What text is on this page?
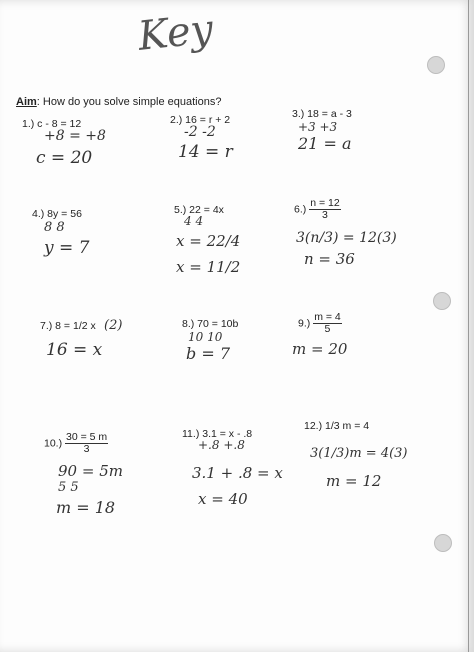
Key
Aim: How do you solve simple equations?
1.) c - 8 = 12
+8 = +8
c = 20
2.) 16 = r + 2
-2 -2
14 = r
3.) 18 = a - 3
+3 +3
21 = a
4.) 8y = 56
8 8
y = 7
5.) 22 = 4x
4 4
x = 22/4
x = 11/2
$6.) \frac{n = 12}{3}$
3(n/3) = 12(3)
n = 36
7.) 8 = 1/2 x (2)
16 = x
8.) 70 = 10b
10 10
b = 7
$9.) \frac{m = 4}{5}$
m = 20
$10.) \frac{30 = 5 m}{3}$
90 = 5m
5 5
m = 18
11.) 3.1 = x - .8
+.8 +.8
3.1 + .8 = x
x = 40
12.) 1/3 m = 4
3(1/3)m = 4(3)
m = 12
